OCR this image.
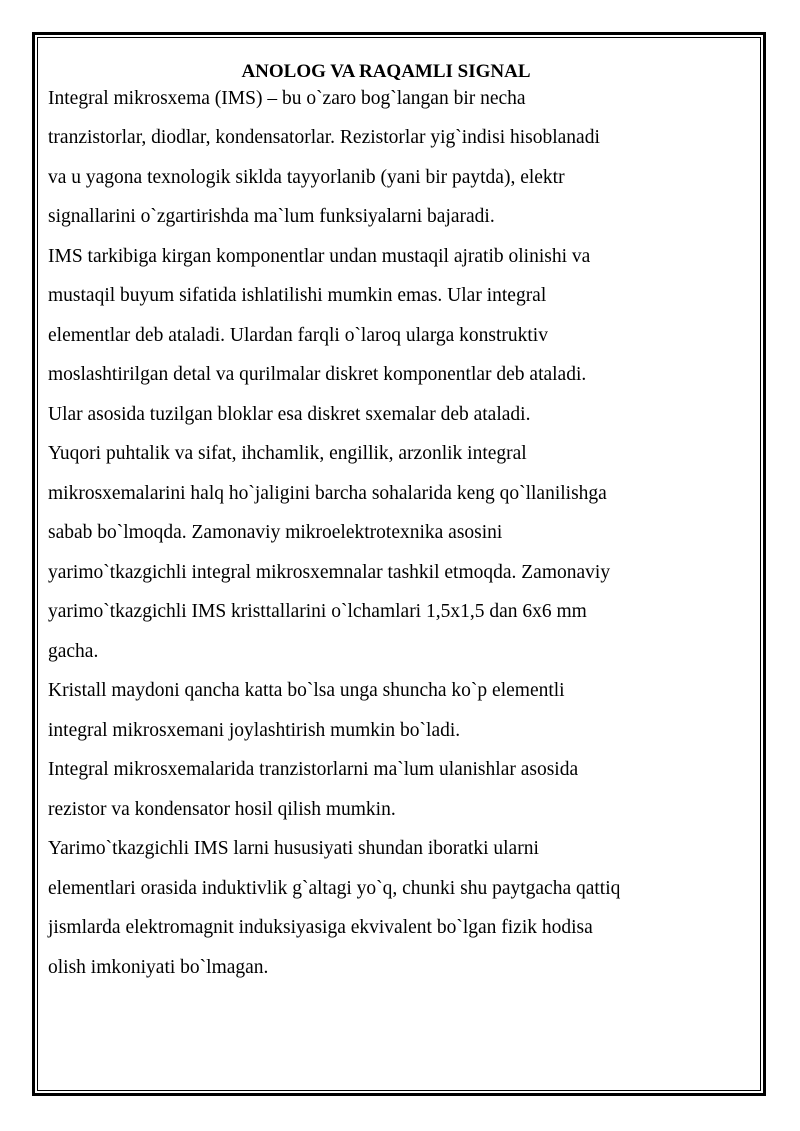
ANOLOG VA RAQAMLI SIGNAL
Integral mikrosxema (IMS) – bu o`zaro bog`langan bir necha
tranzistorlar, diodlar, kondensatorlar. Rezistorlar yig`indisi hisoblanadi
va u yagona texnologik siklda tayyorlanib (yani bir paytda), elektr
signallarini o`zgartirishda ma`lum funksiyalarni bajaradi.
IMS tarkibiga kirgan komponentlar undan mustaqil ajratib olinishi va
mustaqil buyum sifatida ishlatilishi mumkin emas. Ular integral
elementlar deb ataladi. Ulardan farqli o`laroq ularga konstruktiv
moslashtirilgan detal va qurilmalar diskret komponentlar deb ataladi.
Ular asosida tuzilgan bloklar esa diskret sxemalar deb ataladi.
Yuqori puhtalik va sifat, ihchamlik, engillik, arzonlik integral
mikrosxemalarini halq ho`jaligini barcha sohalarida keng qo`llanilishga
sabab bo`lmoqda. Zamonaviy mikroelektrotexnika asosini
yarimo`tkazgichli integral mikrosxemnalar tashkil etmoqda. Zamonaviy
yarimo`tkazgichli IMS kristtallarini o`lchamlari 1,5x1,5 dan 6x6 mm
gacha.
Kristall maydoni qancha katta bo`lsa unga shuncha ko`p elementli
integral mikrosxemani joylashtirish mumkin bo`ladi.
Integral mikrosxemalarida tranzistorlarni ma`lum ulanishlar asosida
rezistor va kondensator hosil qilish mumkin.
Yarimo`tkazgichli IMS larni hususiyati shundan iboratki ularni
elementlari orasida induktivlik g`altagi yo`q, chunki shu paytgacha qattiq
jismlarda elektromagnit induksiyasiga ekvivalent bo`lgan fizik hodisa
olish imkoniyati bo`lmagan.
